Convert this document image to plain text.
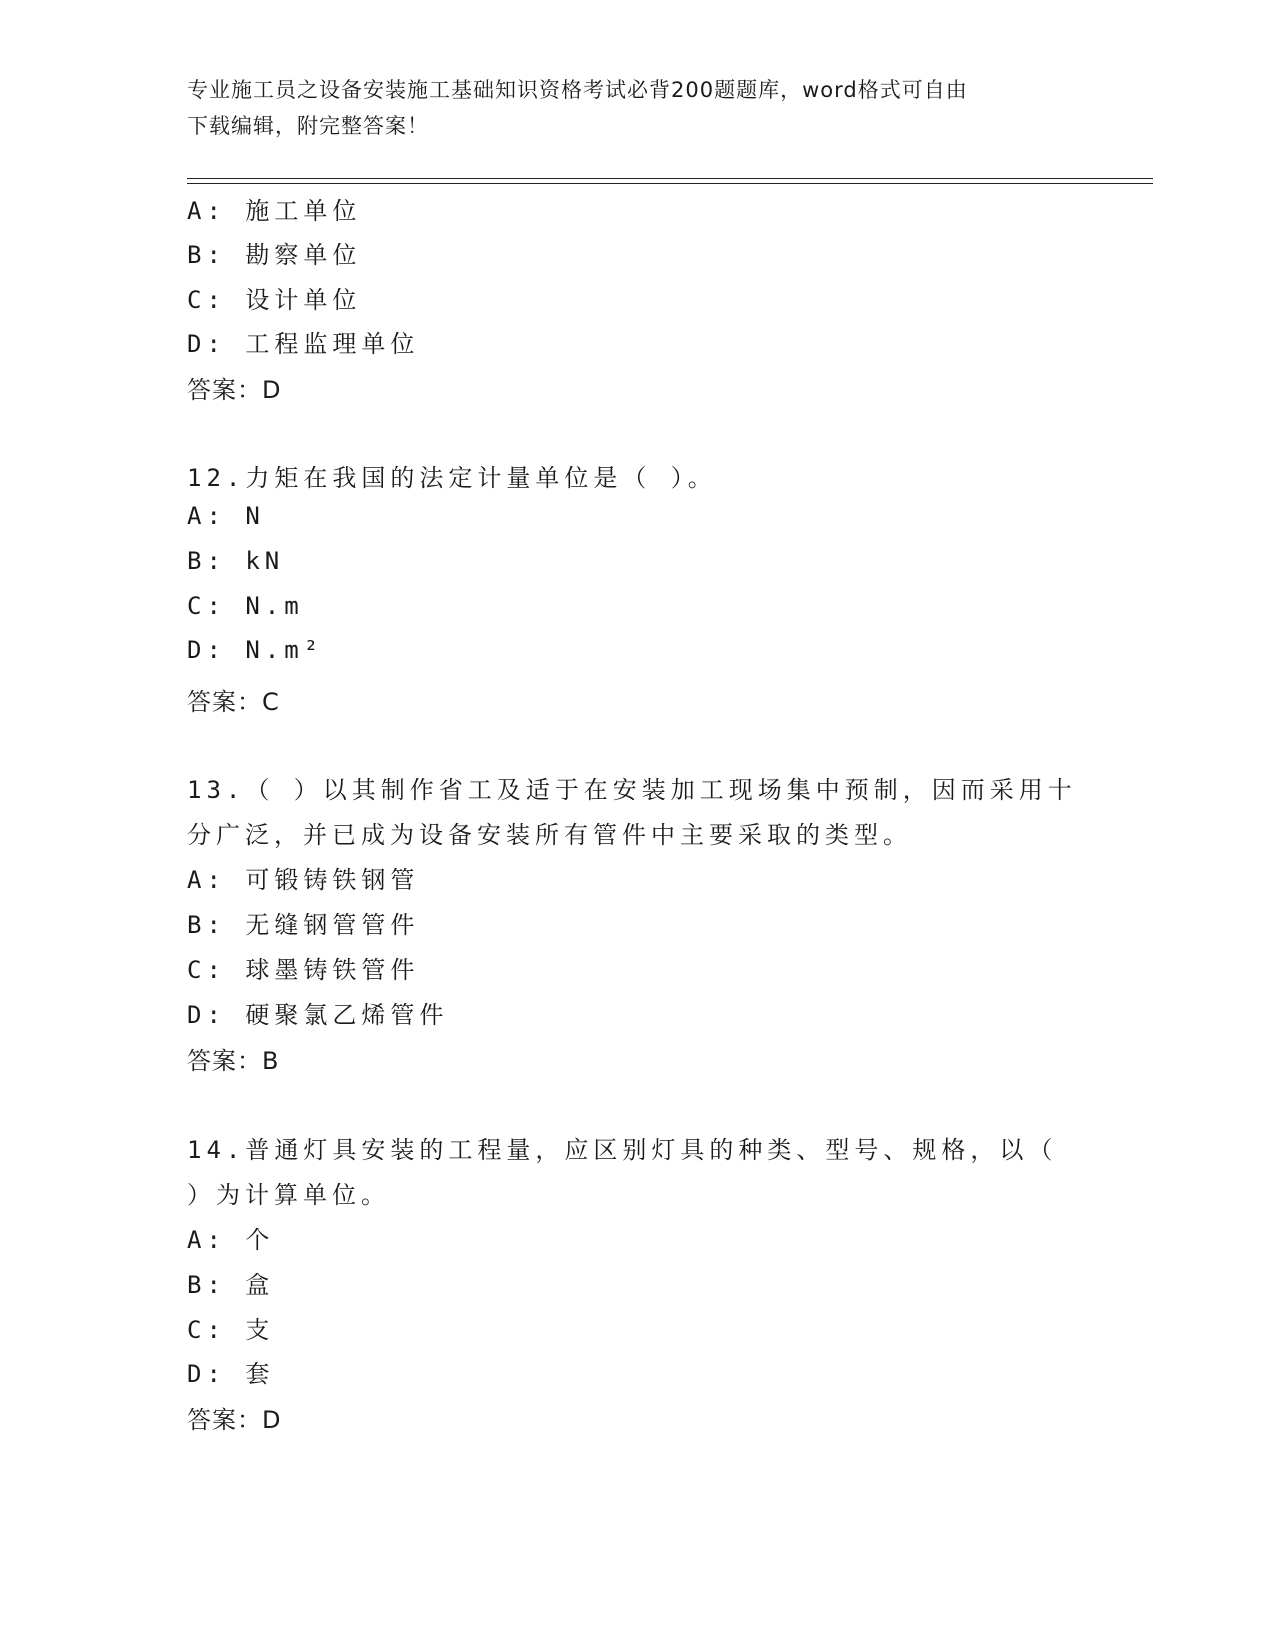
专业施工员之设备安装施工基础知识资格考试必背200题题库，word格式可自由
下载编辑，附完整答案！
A: 施工单位
B: 勘察单位
C: 设计单位
D: 工程监理单位
答案：D
12.力矩在我国的法定计量单位是（ ）。
A: N
B: kN
C: N.m
D: N.m²
答案：C
13.（ ）以其制作省工及适于在安装加工现场集中预制，因而采用十
分广泛，并已成为设备安装所有管件中主要采取的类型。
A: 可锻铸铁钢管
B: 无缝钢管管件
C: 球墨铸铁管件
D: 硬聚氯乙烯管件
答案：B
14.普通灯具安装的工程量，应区别灯具的种类、型号、规格，以（
）为计算单位。
A: 个
B: 盒
C: 支
D: 套
答案：D
